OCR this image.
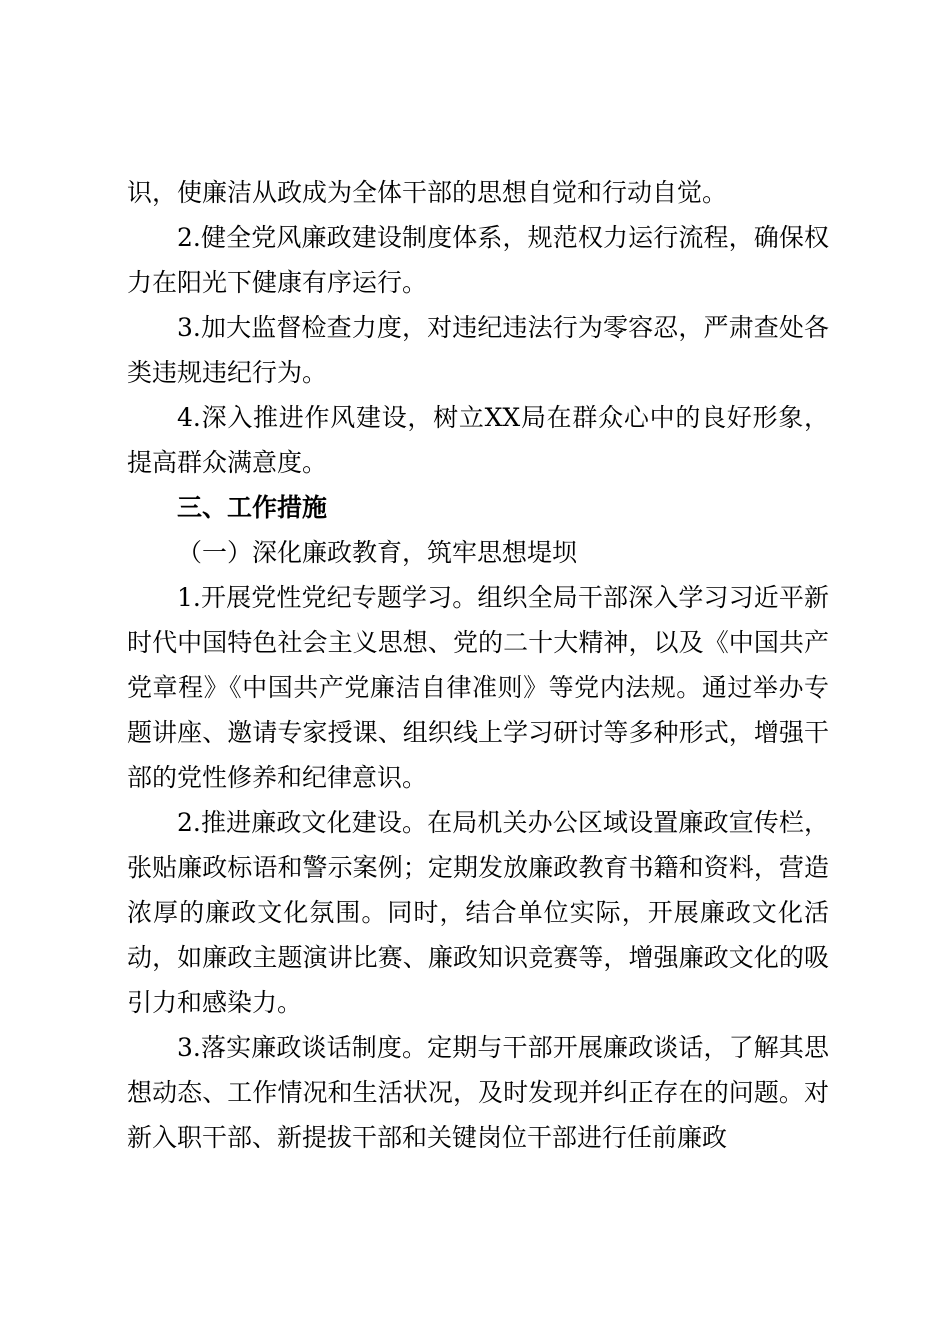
识，使廉洁从政成为全体干部的思想自觉和行动自觉。

2.健全党风廉政建设制度体系，规范权力运行流程，确保权力在阳光下健康有序运行。

3.加大监督检查力度，对违纪违法行为零容忍，严肃查处各类违规违纪行为。

4.深入推进作风建设，树立XX局在群众心中的良好形象，提高群众满意度。

三、工作措施

（一）深化廉政教育，筑牢思想堤坝

1.开展党性党纪专题学习。组织全局干部深入学习习近平新时代中国特色社会主义思想、党的二十大精神，以及《中国共产党章程》《中国共产党廉洁自律准则》等党内法规。通过举办专题讲座、邀请专家授课、组织线上学习研讨等多种形式，增强干部的党性修养和纪律意识。

2.推进廉政文化建设。在局机关办公区域设置廉政宣传栏，张贴廉政标语和警示案例；定期发放廉政教育书籍和资料，营造浓厚的廉政文化氛围。同时，结合单位实际，开展廉政文化活动，如廉政主题演讲比赛、廉政知识竞赛等，增强廉政文化的吸引力和感染力。

3.落实廉政谈话制度。定期与干部开展廉政谈话，了解其思想动态、工作情况和生活状况，及时发现并纠正存在的问题。对新入职干部、新提拔干部和关键岗位干部进行任前廉政
